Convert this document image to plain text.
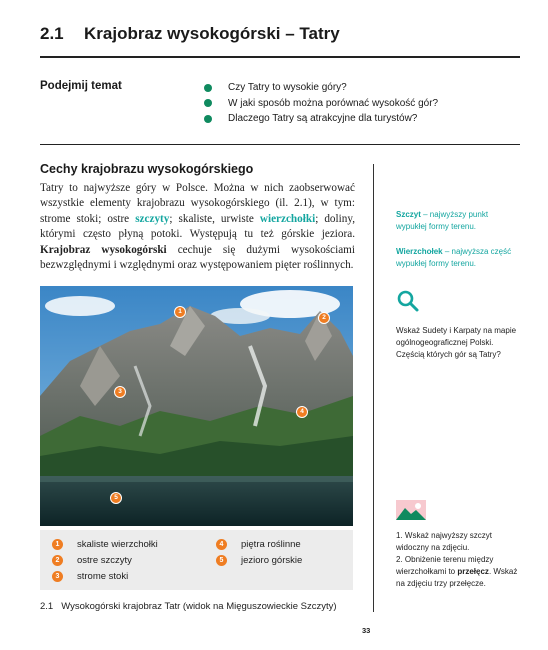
2.1 Krajobraz wysokogórski – Tatry
Podejmij temat	Czy Tatry to wysokie góry?
W jaki sposób można porównać wysokość gór?
Dlaczego Tatry są atrakcyjne dla turystów?
Cechy krajobrazu wysokogórskiego
Tatry to najwyższe góry w Polsce. Można w nich zaobserwować wszystkie elementy krajobrazu wysokogórskiego (il. 2.1), w tym: strome stoki; ostre szczyty; skaliste, urwiste wierzchołki; doliny, którymi często płyną potoki. Występują tu też górskie jeziora. Krajobraz wysokogórski cechuje się dużymi wysokościami bezwzględnymi i względnymi oraz występowaniem pięter roślinnych.
Szczyt – najwyższy punkt wypukłej formy terenu.
Wierzchołek – najwyższa część wypukłej formy terenu.
Wskaż Sudety i Karpaty na mapie ogólnogeograficznej Polski. Częścią których gór są Tatry?
1. Wskaż najwyższy szczyt widoczny na zdjęciu.
2. Obniżenie terenu między wierzchołkami to przełęcz. Wskaż na zdjęciu trzy przełęcze.
1
2
3
4
5
1 skaliste wierzchołki
2 ostre szczyty
3 strome stoki
4 piętra roślinne
5 jezioro górskie
2.1 Wysokogórski krajobraz Tatr (widok na Mięguszowieckie Szczyty)
33
